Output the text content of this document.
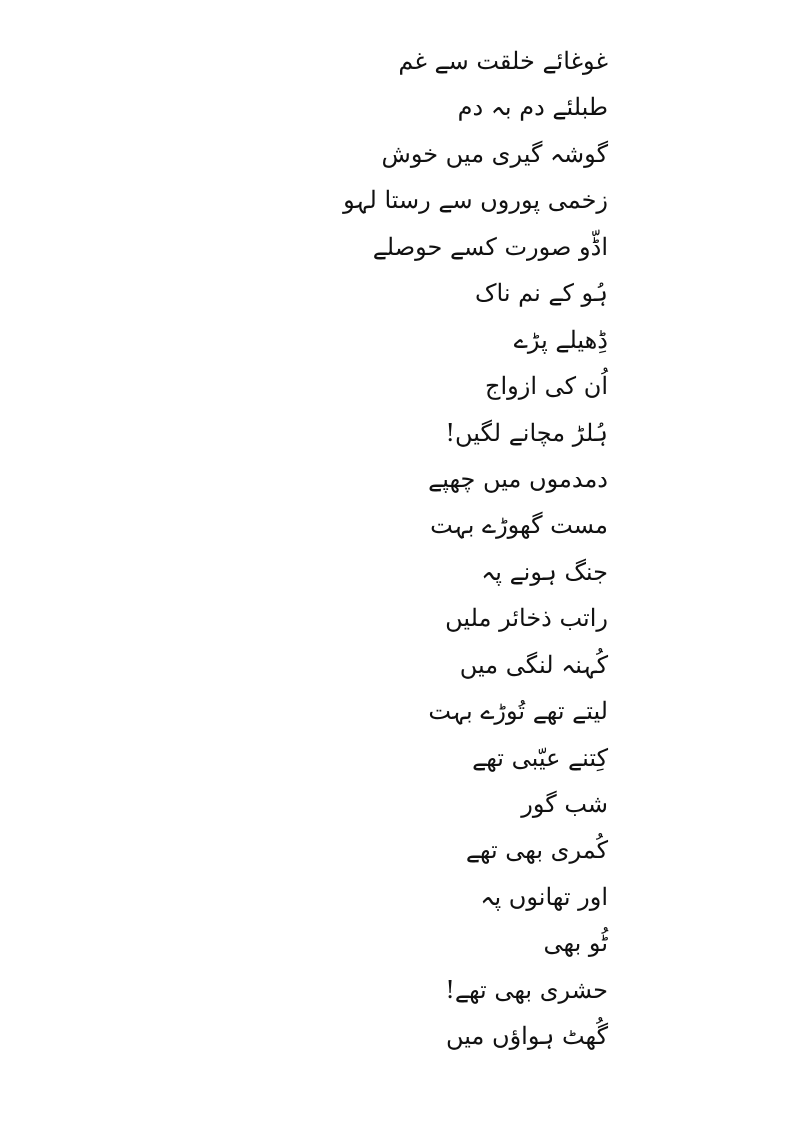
غوغائے خلقت سے غم
طبلئے دم بہ دم
گوشہ گیری میں خوش
زخمی پوروں سے رستا لہو
اڈّو صورت کسے حوصلے
ہُو کے نم ناک
ڈِھیلے پڑے
اُن کی ازواج
ہُلڑ مچانے لگیں!
دمدموں میں چھپے
مست گھوڑے بہت
جنگ ہونے پہ
راتب ذخائر ملیں
کُہنہ لنگی میں
لیتے تھے تُوڑے بہت
کِتنے عیّبی تھے
شب گور
کُمری بھی تھے
اور تھانوں پہ
ٹُو بھی
حشری بھی تھے!
گُھٹ ہواؤں میں
